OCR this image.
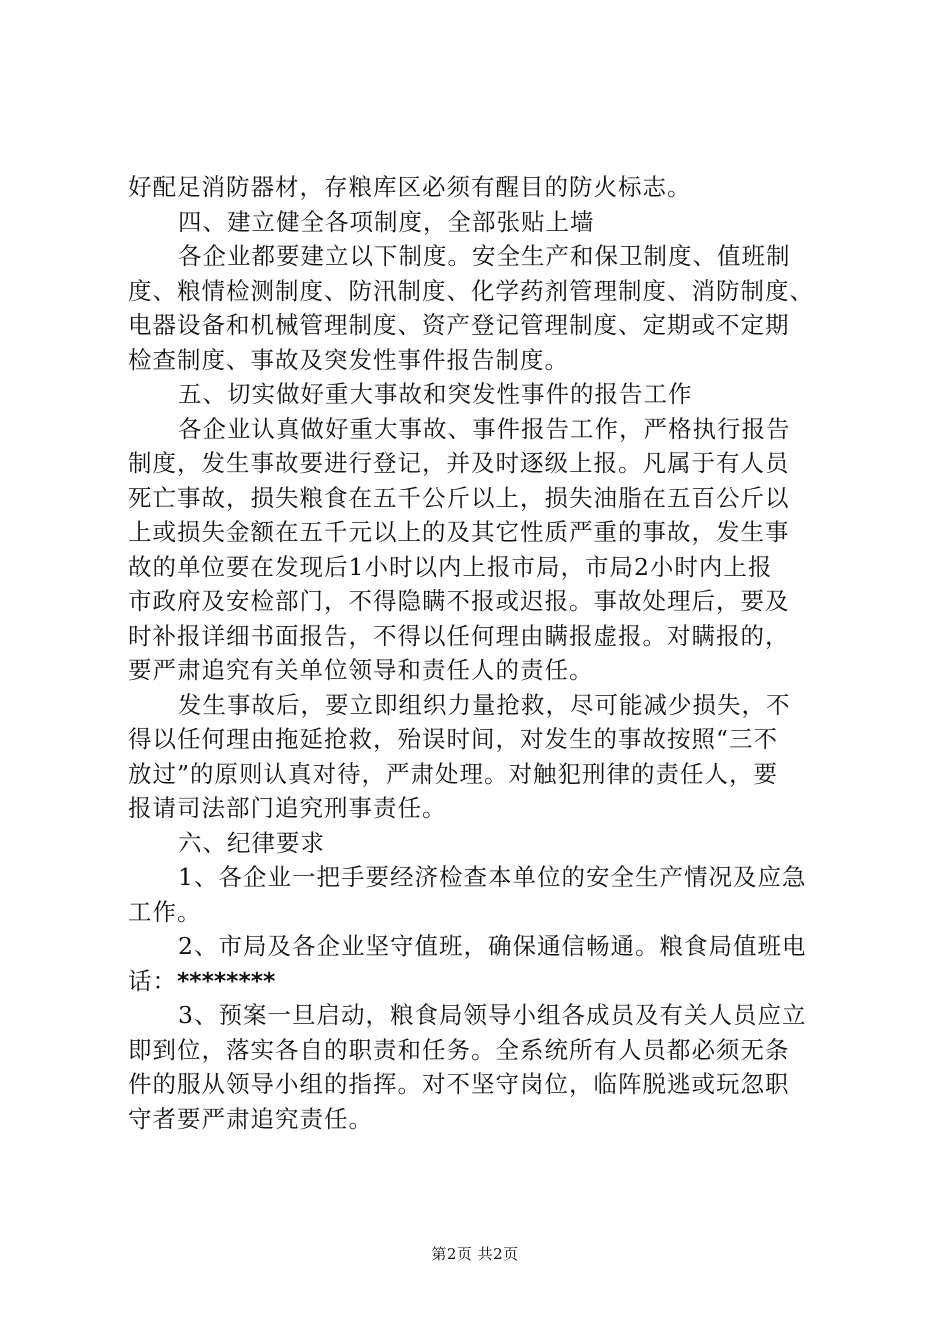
好配足消防器材，存粮库区必须有醒目的防火标志。
四、建立健全各项制度，全部张贴上墙
各企业都要建立以下制度。安全生产和保卫制度、值班制
度、粮情检测制度、防汛制度、化学药剂管理制度、消防制度、
电器设备和机械管理制度、资产登记管理制度、定期或不定期
检查制度、事故及突发性事件报告制度。
五、切实做好重大事故和突发性事件的报告工作
各企业认真做好重大事故、事件报告工作，严格执行报告
制度，发生事故要进行登记，并及时逐级上报。凡属于有人员
死亡事故，损失粮食在五千公斤以上，损失油脂在五百公斤以
上或损失金额在五千元以上的及其它性质严重的事故，发生事
故的单位要在发现后1小时以内上报市局，市局2小时内上报
市政府及安检部门，不得隐瞒不报或迟报。事故处理后，要及
时补报详细书面报告，不得以任何理由瞒报虚报。对瞒报的，
要严肃追究有关单位领导和责任人的责任。
发生事故后，要立即组织力量抢救，尽可能减少损失，不
得以任何理由拖延抢救，殆误时间，对发生的事故按照“三不
放过”的原则认真对待，严肃处理。对触犯刑律的责任人，要
报请司法部门追究刑事责任。
六、纪律要求
1、各企业一把手要经济检查本单位的安全生产情况及应急
工作。
2、市局及各企业坚守值班，确保通信畅通。粮食局值班电
话：********
3、预案一旦启动，粮食局领导小组各成员及有关人员应立
即到位，落实各自的职责和任务。全系统所有人员都必须无条
件的服从领导小组的指挥。对不坚守岗位，临阵脱逃或玩忽职
守者要严肃追究责任。
第2页 共2页
